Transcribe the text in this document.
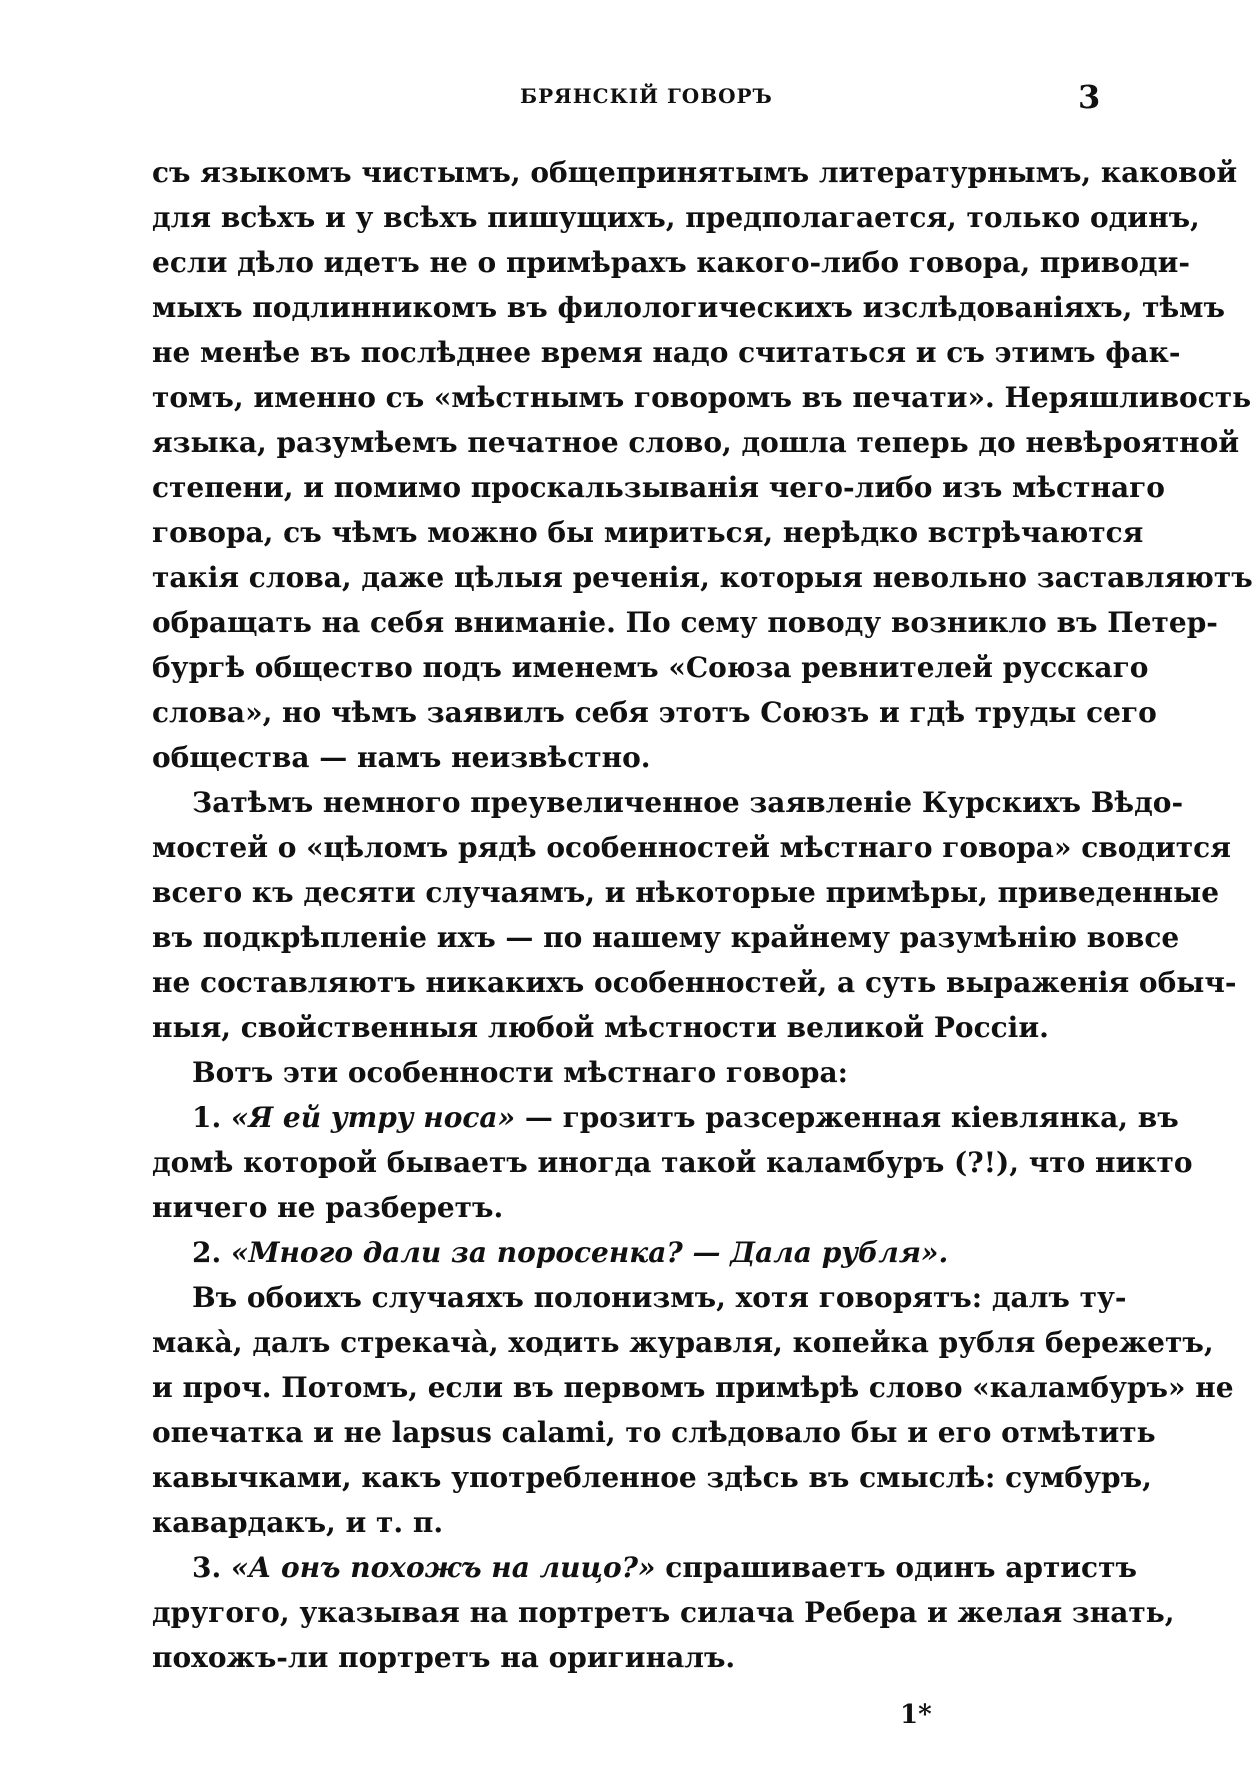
БРЯНСКІЙ ГОВОРЪ	3
съ языкомъ чистымъ, общепринятымъ литературнымъ, каковой
для всѣхъ и у всѣхъ пишущихъ, предполагается, только одинъ,
если дѣло идетъ не о примѣрахъ какого-либо говора, приводи-
мыхъ подлинникомъ въ филологическихъ изслѣдованіяхъ, тѣмъ
не менѣе въ послѣднее время надо считаться и съ этимъ фак-
томъ, именно съ «мѣстнымъ говоромъ въ печати». Неряшливость
языка, разумѣемъ печатное слово, дошла теперь до невѣроятной
степени, и помимо проскальзыванія чего-либо изъ мѣстнаго
говора, съ чѣмъ можно бы мириться, нерѣдко встрѣчаются
такія слова, даже цѣлыя реченія, которыя невольно заставляютъ
обращать на себя вниманіе. По сему поводу возникло въ Петер-
бургѣ общество подъ именемъ «Союза ревнителей русскаго
слова», но чѣмъ заявилъ себя этотъ Союзъ и гдѣ труды сего
общества — намъ неизвѣстно.
Затѣмъ немного преувеличенное заявленіе Курскихъ Вѣдо-
мостей о «цѣломъ рядѣ особенностей мѣстнаго говора» сводится
всего къ десяти случаямъ, и нѣкоторые примѣры, приведенные
въ подкрѣпленіе ихъ — по нашему крайнему разумѣнію вовсе
не составляютъ никакихъ особенностей, а суть выраженія обыч-
ныя, свойственныя любой мѣстности великой Россіи.
Вотъ эти особенности мѣстнаго говора:
1. «Я ей утру носа» — грозитъ разсерженная кіевлянка, въ
домѣ которой бываетъ иногда такой каламбуръ (?!), что никто
ничего не разберетъ.
2. «Много дали за поросенка? — Дала рубля».
Въ обоихъ случаяхъ полонизмъ, хотя говорятъ: далъ ту-
мака̀, далъ стрекача̀, ходить журавля, копейка рубля бережетъ,
и проч. Потомъ, если въ первомъ примѣрѣ слово «каламбуръ» не
опечатка и не lapsus calami, то слѣдовало бы и его отмѣтить
кавычками, какъ употребленное здѣсь въ смыслѣ: сумбуръ,
кавардакъ, и т. п.
3. «А онъ похожъ на лицо?» спрашиваетъ одинъ артистъ
другого, указывая на портретъ силача Ребера и желая знать,
похожъ-ли портретъ на оригиналъ.
1*
